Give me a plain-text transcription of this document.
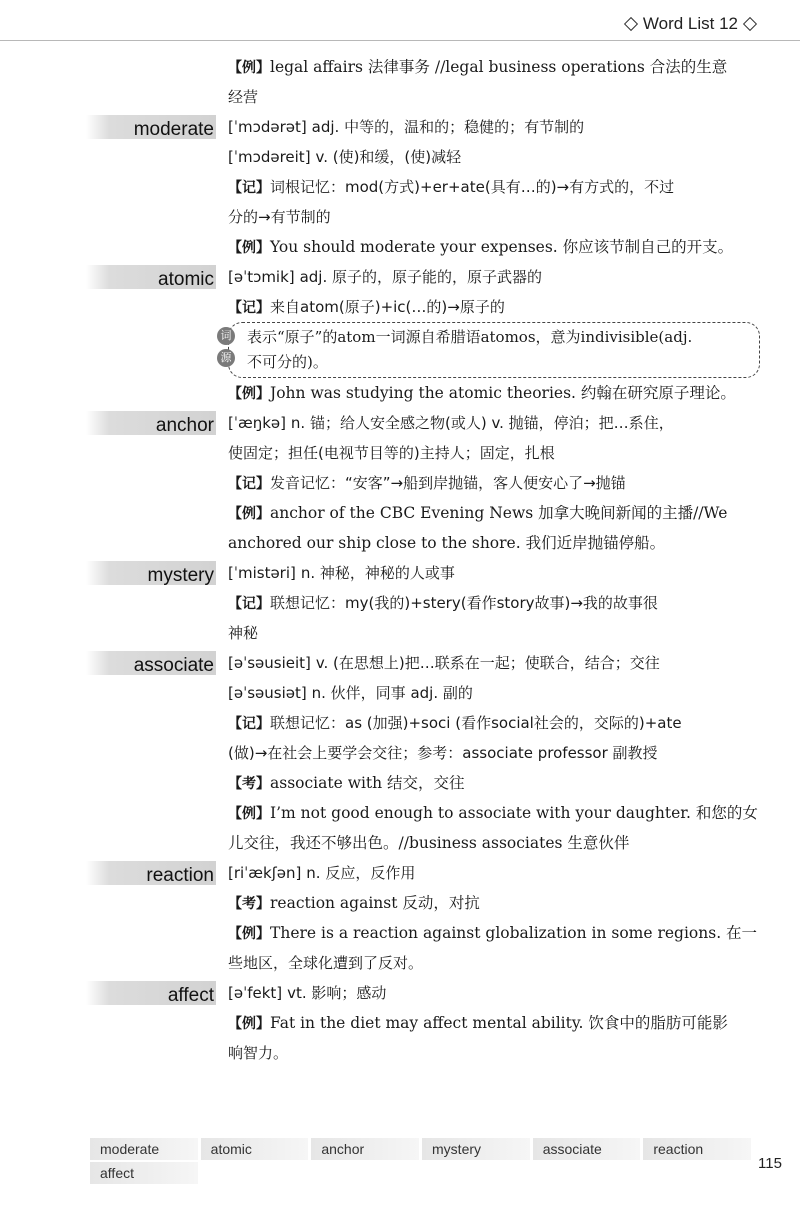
Word List 12
【例】legal affairs 法律事务 //legal business operations 合法的生意
经营
moderate [ˈmɔdərət] adj. 中等的，温和的；稳健的；有节制的
[ˈmɔdəreit] v. (使)和缓，(使)减轻
【记】词根记忆：mod(方式)+er+ate(具有…的)→有方式的，不过
分的→有节制的
【例】You should moderate your expenses. 你应该节制自己的开支。
atomic [əˈtɔmik] adj. 原子的，原子能的，原子武器的
【记】来自atom(原子)+ic(…的)→原子的
词
源
表示“原子”的atom一词源自希腊语atomos，意为indivisible(adj.
不可分的)。
【例】John was studying the atomic theories. 约翰在研究原子理论。
anchor [ˈæŋkə] n. 锚；给人安全感之物(或人) v. 抛锚，停泊；把…系住，
使固定；担任(电视节目等的)主持人；固定，扎根
【记】发音记忆：“安客”→船到岸抛锚，客人便安心了→抛锚
【例】anchor of the CBC Evening News 加拿大晚间新闻的主播//We
anchored our ship close to the shore. 我们近岸抛锚停船。
mystery [ˈmistəri] n. 神秘，神秘的人或事
【记】联想记忆：my(我的)+stery(看作story故事)→我的故事很
神秘
associate [əˈsəusieit] v. (在思想上)把…联系在一起；使联合，结合；交往
[əˈsəusiət] n. 伙伴，同事 adj. 副的
【记】联想记忆：as (加强)+soci (看作social社会的，交际的)+ate
(做)→在社会上要学会交往；参考：associate professor 副教授
【考】associate with 结交，交往
【例】I’m not good enough to associate with your daughter. 和您的女
儿交往，我还不够出色。//business associates 生意伙伴
reaction [riˈækʃən] n. 反应，反作用
【考】reaction against 反动，对抗
【例】There is a reaction against globalization in some regions. 在一
些地区，全球化遭到了反对。
affect [əˈfekt] vt. 影响；感动
【例】Fat in the diet may affect mental ability. 饮食中的脂肪可能影
响智力。
moderate	atomic	anchor	mystery	associate	reaction
affect
115
